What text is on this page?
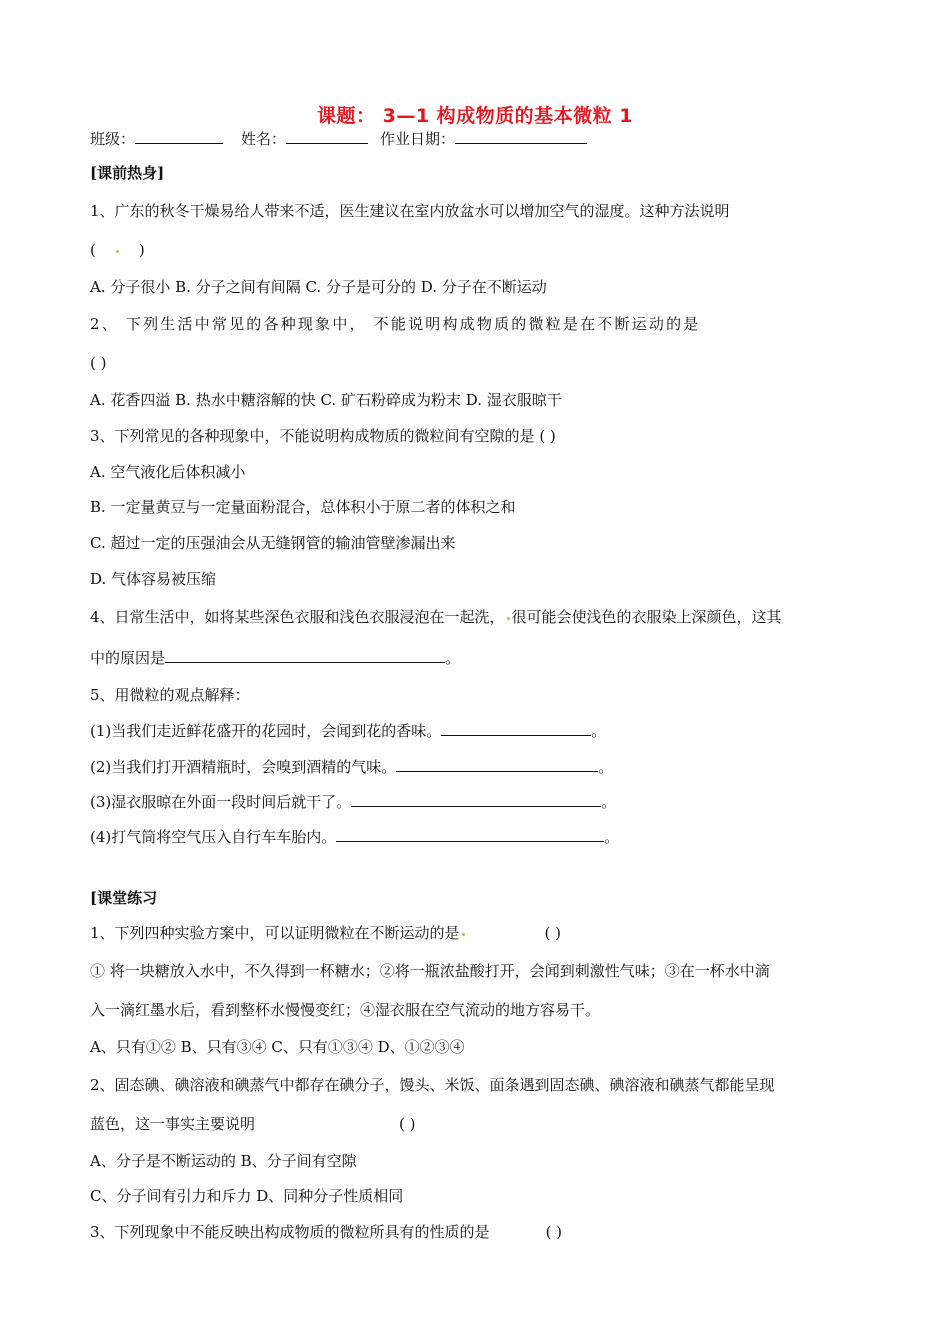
课题： 3—1 构成物质的基本微粒 1
班级：	姓名：	作业日期：
[课前热身]
1、广东的秋冬干燥易给人带来不适，医生建议在室内放盆水可以增加空气的湿度。这种方法说明
(	)
A. 分子很小 B. 分子之间有间隔 C. 分子是可分的 D. 分子在不断运动
2、 下列生活中常见的各种现象中， 不能说明构成物质的微粒是在不断运动的是
( )
A. 花香四溢 B. 热水中糖溶解的快 C. 矿石粉碎成为粉末 D. 湿衣服晾干
3、下列常见的各种现象中，不能说明构成物质的微粒间有空隙的是 ( )
A. 空气液化后体积减小
B. 一定量黄豆与一定量面粉混合，总体积小于原二者的体积之和
C. 超过一定的压强油会从无缝钢管的输油管壁渗漏出来
D. 气体容易被压缩
4、日常生活中，如将某些深色衣服和浅色衣服浸泡在一起洗， 很可能会使浅色的衣服染上深颜色，这其
中的原因是	。
5、用微粒的观点解释：
(1)当我们走近鲜花盛开的花园时，会闻到花的香味。	。
(2)当我们打开酒精瓶时，会嗅到酒精的气味。	。
(3)湿衣服晾在外面一段时间后就干了。	。
(4)打气筒将空气压入自行车车胎内。	。
[课堂练习
1、下列四种实验方案中，可以证明微粒在不断运动的是	( )
① 将一块糖放入水中，不久得到一杯糖水；②将一瓶浓盐酸打开，会闻到刺激性气味；③在一杯水中滴
入一滴红墨水后，看到整杯水慢慢变红；④湿衣服在空气流动的地方容易干。
A、只有①② B、只有③④ C、只有①③④ D、①②③④
2、固态碘、碘溶液和碘蒸气中都存在碘分子，馒头、米饭、面条遇到固态碘、碘溶液和碘蒸气都能呈现
蓝色，这一事实主要说明	( )
A、分子是不断运动的 B、分子间有空隙
C、分子间有引力和斥力 D、同种分子性质相同
3、下列现象中不能反映出构成物质的微粒所具有的性质的是	( )
